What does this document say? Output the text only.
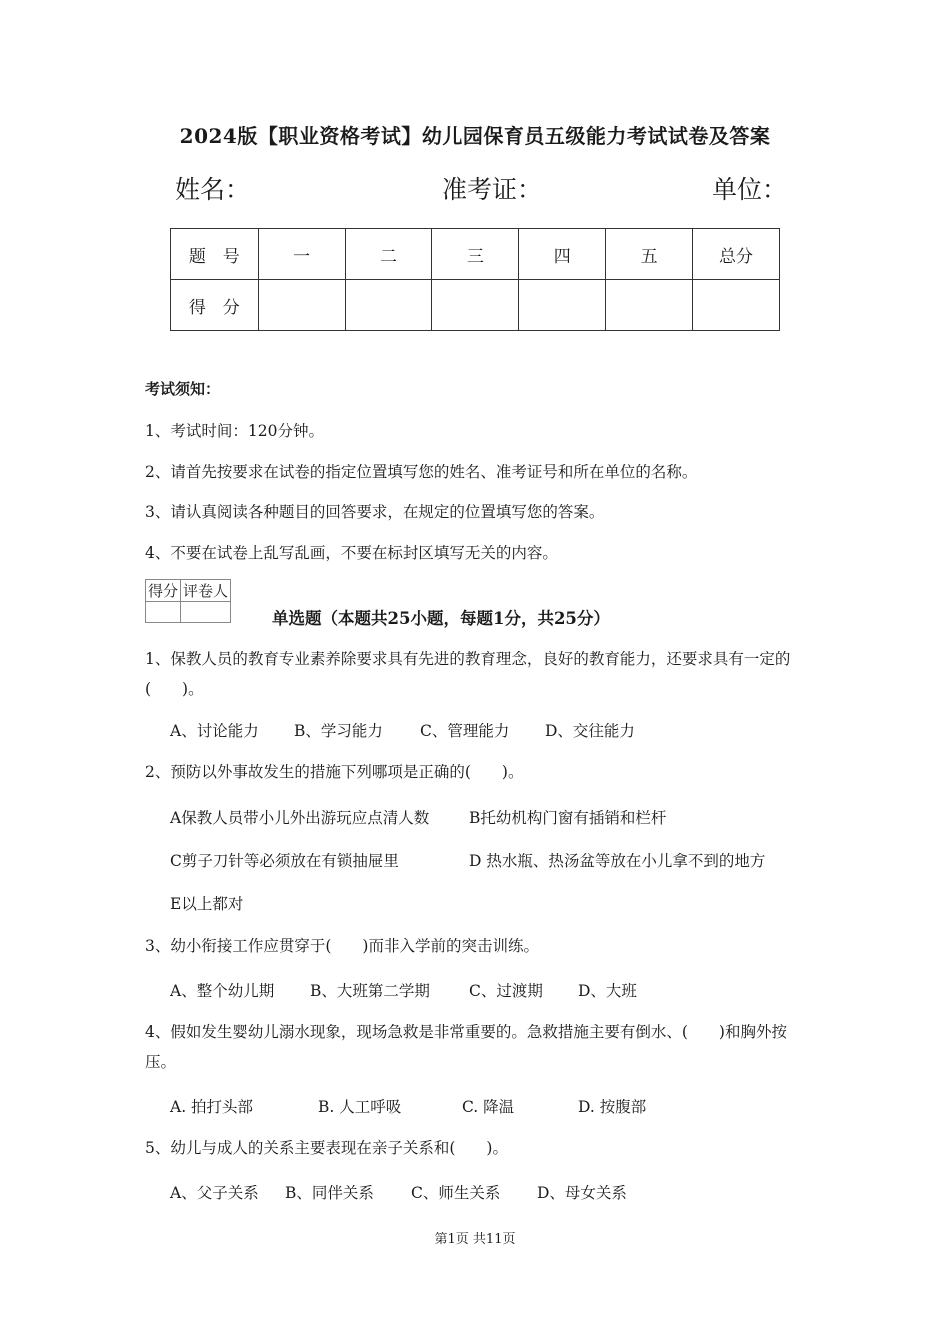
2024版【职业资格考试】幼儿园保育员五级能力考试试卷及答案
姓名：	准考证：	单位：
题　号	一	二	三	四	五	总分
得　分						
考试须知：
1、考试时间：120分钟。
2、请首先按要求在试卷的指定位置填写您的姓名、准考证号和所在单位的名称。
3、请认真阅读各种题目的回答要求，在规定的位置填写您的答案。
4、不要在试卷上乱写乱画，不要在标封区填写无关的内容。
得分	评卷人

单选题（本题共25小题，每题1分，共25分）
1、保教人员的教育专业素养除要求具有先进的教育理念，良好的教育能力，还要求具有一定的(　　)。
A、讨论能力 B、学习能力 C、管理能力 D、交往能力
2、预防以外事故发生的措施下列哪项是正确的(　　)。
A保教人员带小儿外出游玩应点清人数	B托幼机构门窗有插销和栏杆
C剪子刀针等必须放在有锁抽屉里	D 热水瓶、热汤盆等放在小儿拿不到的地方
E以上都对
3、幼小衔接工作应贯穿于(　　)而非入学前的突击训练。
A、整个幼儿期 B、大班第二学期	C、过渡期 D、大班
4、假如发生婴幼儿溺水现象，现场急救是非常重要的。急救措施主要有倒水、(　　)和胸外按压。
A. 拍打头部	B. 人工呼吸	C. 降温	D. 按腹部
5、幼儿与成人的关系主要表现在亲子关系和(　　)。
A、父子关系 B、同伴关系 C、师生关系 D、母女关系
第1页 共11页
